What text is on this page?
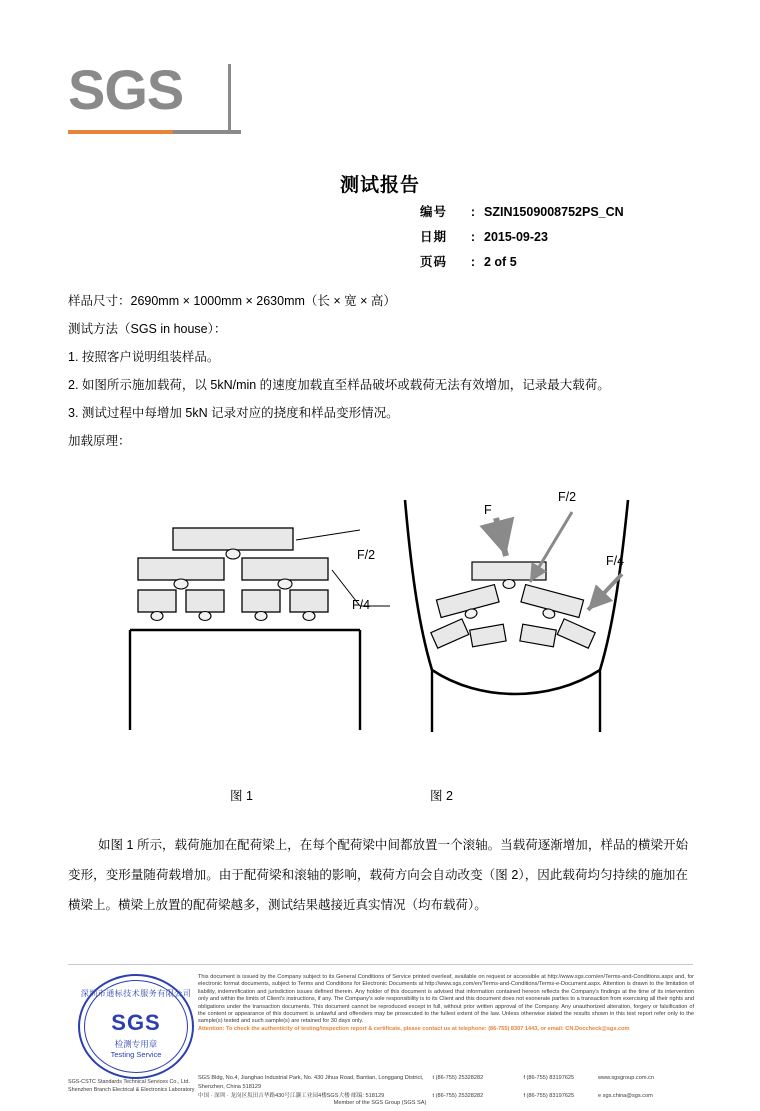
SGS
测试报告
编号	: SZIN1509008752PS_CN
日期	: 2015-09-23
页码	: 2 of 5

样品尺寸：2690mm × 1000mm × 2630mm（长 × 宽 × 高）

测试方法（SGS in house）：

1. 按照客户说明组装样品。

2. 如图所示施加载荷，以 5kN/min 的速度加载直至样品破坏或载荷无法有效增加，记录最大载荷。

3. 测试过程中每增加 5kN 记录对应的挠度和样品变形情况。

加载原理：

F/2
F/4
F
F/2
F/4
图 1	图 2
如图 1 所示，载荷施加在配荷梁上，在每个配荷梁中间都放置一个滚轴。当载荷逐渐增加，样品的横梁开始变形，变形量随荷载增加。由于配荷梁和滚轴的影响，载荷方向会自动改变（图 2），因此载荷均匀持续的施加在横梁上。横梁上放置的配荷梁越多，测试结果越接近真实情况（均布载荷）。
深圳市通标技术服务有限公司
SGS
检测专用章
Testing Service
This document is issued by the Company subject to its General Conditions of Service printed overleaf, available on request or accessible at http://www.sgs.com/en/Terms-and-Conditions.aspx and, for electronic format documents, subject to Terms and Conditions for Electronic Documents at http://www.sgs.com/en/Terms-and-Conditions/Terms-e-Document.aspx. Attention is drawn to the limitation of liability, indemnification and jurisdiction issues defined therein. Any holder of this document is advised that information contained hereon reflects the Company's findings at the time of its intervention only and within the limits of Client's instructions, if any. The Company's sole responsibility is to its Client and this document does not exonerate parties to a transaction from exercising all their rights and obligations under the transaction documents. This document cannot be reproduced except in full, without prior written approval of the Company. Any unauthorized alteration, forgery or falsification of the content or appearance of this document is unlawful and offenders may be prosecuted to the fullest extent of the law. Unless otherwise stated the results shown in this test report refer only to the sample(s) tested and such sample(s) are retained for 30 days only.
Attention: To check the authenticity of testing/inspection report & certificate, please contact us at telephone: (86-755) 8307 1443, or email: CN.Doccheck@sgs.com
SGS-CSTC Standards Technical Services Co., Ltd.
Shenzhen Branch Electrical & Electronics Laboratory
SGS Bldg, No.4, Jianghao Industrial Park, No. 430 Jihua Road, Bantian, Longgang District, Shenzhen, China 518129
t (86-755) 25328282	f (86-755) 83197625	www.sgsgroup.com.cn
中国 · 深圳 · 龙岗区坂田吉华路430号江灏工业园4楼SGS大楼 邮编: 518129	t (86-755) 25328282	f (86-755) 83197625	e sgs.china@sgs.com
Member of the SGS Group (SGS SA)
